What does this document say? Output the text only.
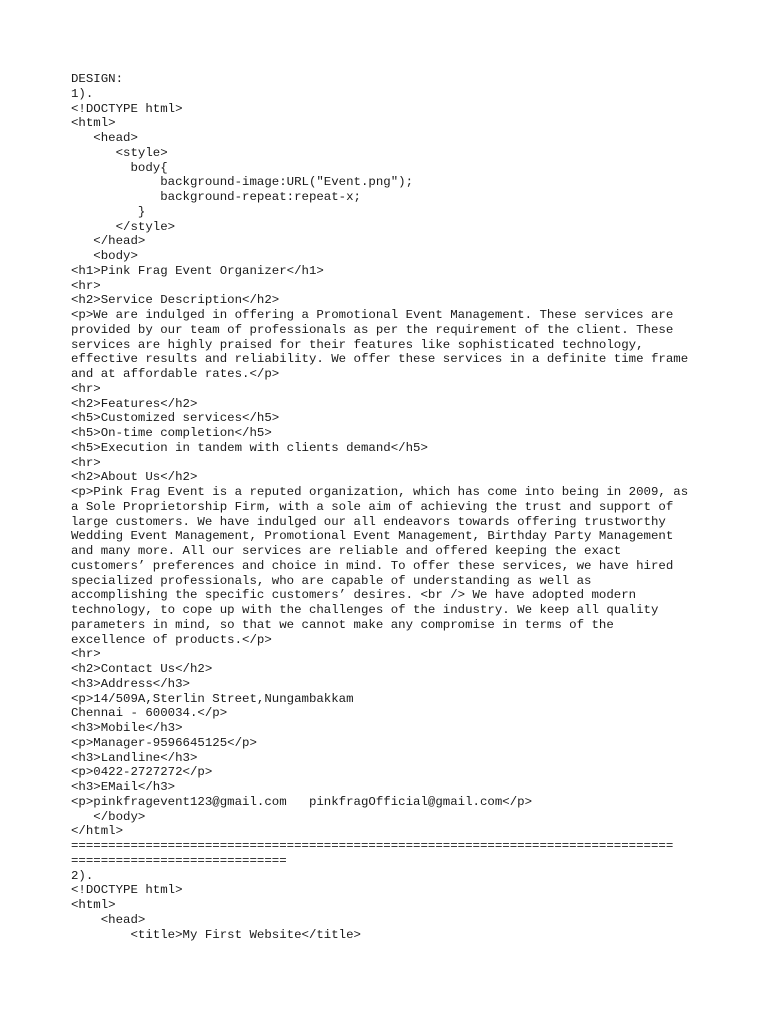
DESIGN:
1).
<!DOCTYPE html>
<html>
<head>
<style>
body{
background-image:URL("Event.png");
background-repeat:repeat-x;
}
</style>
</head>
<body>
<h1>Pink Frag Event Organizer</h1>
<hr>
<h2>Service Description</h2>
<p>We are indulged in offering a Promotional Event Management. These services are
provided by our team of professionals as per the requirement of the client. These
services are highly praised for their features like sophisticated technology,
effective results and reliability. We offer these services in a definite time frame
and at affordable rates.</p>
<hr>
<h2>Features</h2>
<h5>Customized services</h5>
<h5>On-time completion</h5>
<h5>Execution in tandem with clients demand</h5>
<hr>
<h2>About Us</h2>
<p>Pink Frag Event is a reputed organization, which has come into being in 2009, as
a Sole Proprietorship Firm, with a sole aim of achieving the trust and support of
large customers. We have indulged our all endeavors towards offering trustworthy
Wedding Event Management, Promotional Event Management, Birthday Party Management
and many more. All our services are reliable and offered keeping the exact
customers’ preferences and choice in mind. To offer these services, we have hired
specialized professionals, who are capable of understanding as well as
accomplishing the specific customers’ desires. <br /> We have adopted modern
technology, to cope up with the challenges of the industry. We keep all quality
parameters in mind, so that we cannot make any compromise in terms of the
excellence of products.</p>
<hr>
<h2>Contact Us</h2>
<h3>Address</h3>
<p>14/509A,Sterlin Street,Nungambakkam
Chennai - 600034.</p>
<h3>Mobile</h3>
<p>Manager-9596645125</p>
<h3>Landline</h3>
<p>0422-2727272</p>
<h3>EMail</h3>
<p>pinkfragevent123@gmail.com   pinkfragOfficial@gmail.com</p>
</body>
</html>
=================================================================================
=============================
2).
<!DOCTYPE html>
<html>
<head>
<title>My First Website</title>
